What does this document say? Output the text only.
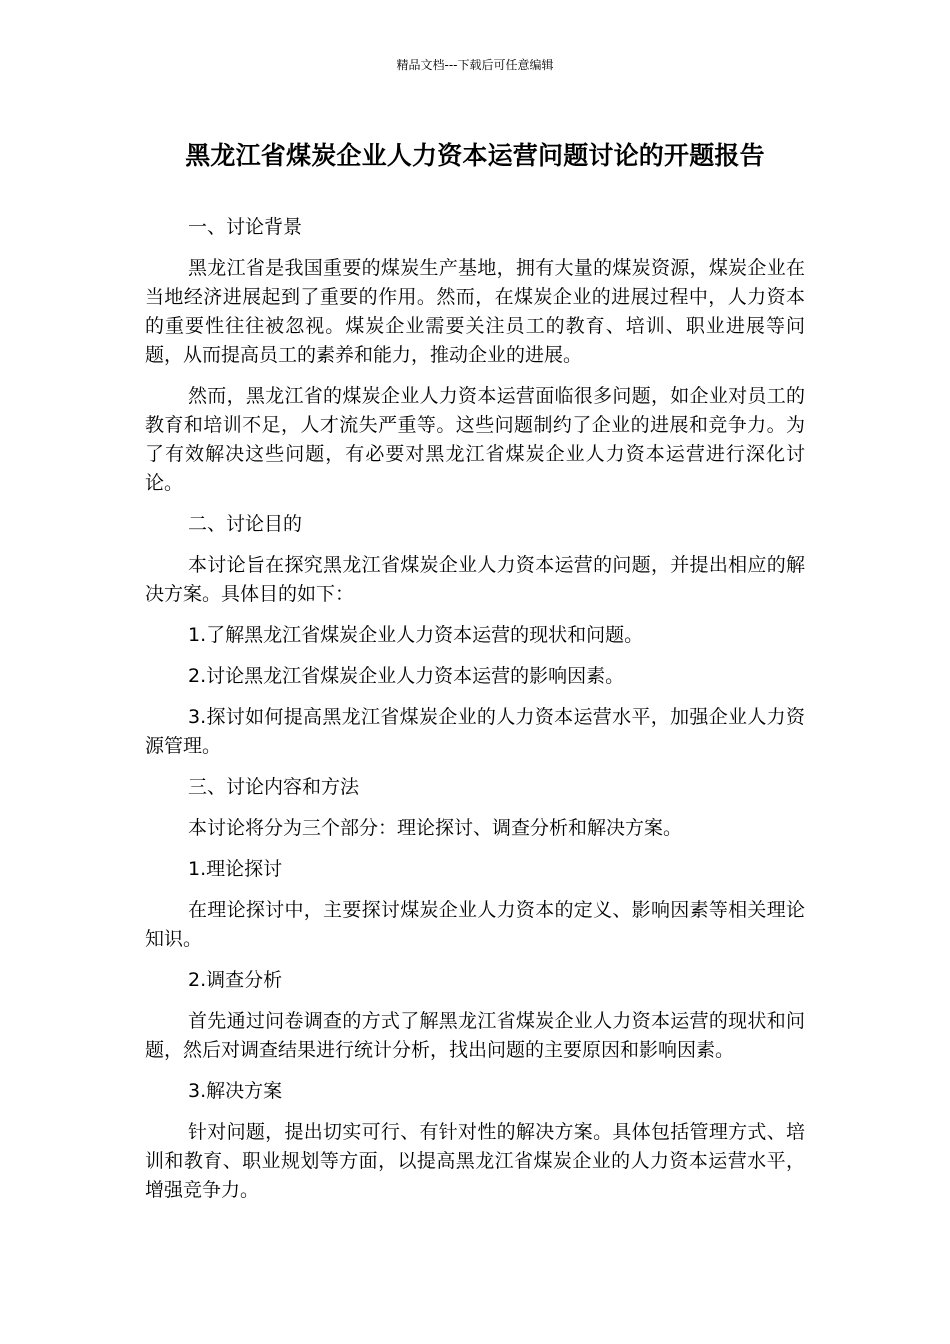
精品文档---下载后可任意编辑
黑龙江省煤炭企业人力资本运营问题讨论的开题报告

一、讨论背景

黑龙江省是我国重要的煤炭生产基地，拥有大量的煤炭资源，煤炭企业在当地经济进展起到了重要的作用。然而，在煤炭企业的进展过程中，人力资本的重要性往往被忽视。煤炭企业需要关注员工的教育、培训、职业进展等问题，从而提高员工的素养和能力，推动企业的进展。

然而，黑龙江省的煤炭企业人力资本运营面临很多问题，如企业对员工的教育和培训不足，人才流失严重等。这些问题制约了企业的进展和竞争力。为了有效解决这些问题，有必要对黑龙江省煤炭企业人力资本运营进行深化讨论。

二、讨论目的

本讨论旨在探究黑龙江省煤炭企业人力资本运营的问题，并提出相应的解决方案。具体目的如下：

1.了解黑龙江省煤炭企业人力资本运营的现状和问题。

2.讨论黑龙江省煤炭企业人力资本运营的影响因素。

3.探讨如何提高黑龙江省煤炭企业的人力资本运营水平，加强企业人力资源管理。

三、讨论内容和方法

本讨论将分为三个部分：理论探讨、调查分析和解决方案。

1.理论探讨

在理论探讨中，主要探讨煤炭企业人力资本的定义、影响因素等相关理论知识。

2.调查分析

首先通过问卷调查的方式了解黑龙江省煤炭企业人力资本运营的现状和问题，然后对调查结果进行统计分析，找出问题的主要原因和影响因素。

3.解决方案

针对问题，提出切实可行、有针对性的解决方案。具体包括管理方式、培训和教育、职业规划等方面，以提高黑龙江省煤炭企业的人力资本运营水平，增强竞争力。
